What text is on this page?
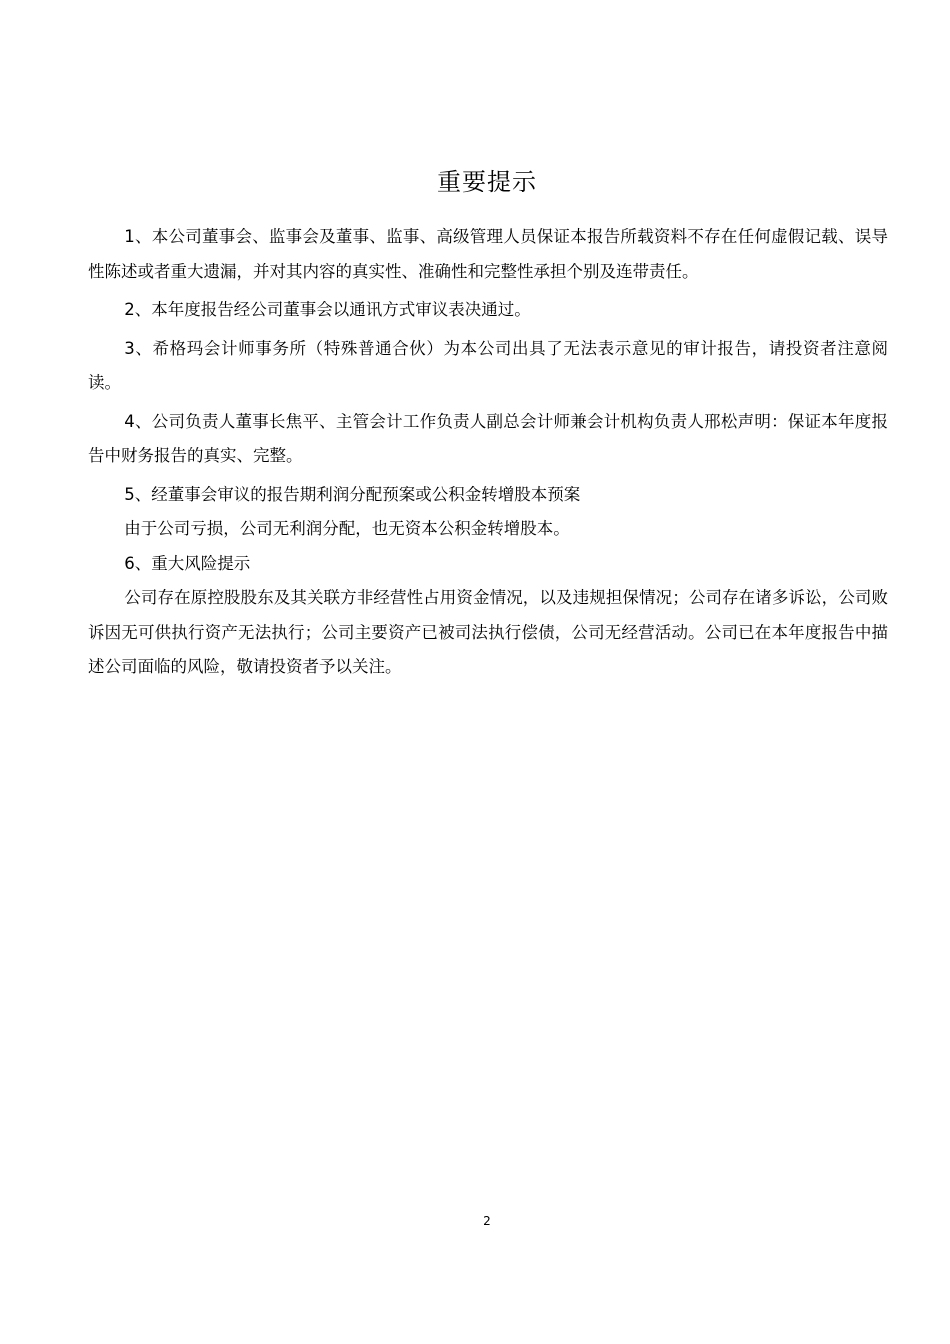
重要提示

1、本公司董事会、监事会及董事、监事、高级管理人员保证本报告所载资料不存在任何虚假记载、误导性陈述或者重大遗漏，并对其内容的真实性、准确性和完整性承担个别及连带责任。

2、本年度报告经公司董事会以通讯方式审议表决通过。

3、希格玛会计师事务所（特殊普通合伙）为本公司出具了无法表示意见的审计报告，请投资者注意阅读。

4、公司负责人董事长焦平、主管会计工作负责人副总会计师兼会计机构负责人邢松声明：保证本年度报告中财务报告的真实、完整。

5、经董事会审议的报告期利润分配预案或公积金转增股本预案

由于公司亏损，公司无利润分配，也无资本公积金转增股本。

6、重大风险提示

公司存在原控股股东及其关联方非经营性占用资金情况，以及违规担保情况；公司存在诸多诉讼，公司败诉因无可供执行资产无法执行；公司主要资产已被司法执行偿债，公司无经营活动。公司已在本年度报告中描述公司面临的风险，敬请投资者予以关注。

2
